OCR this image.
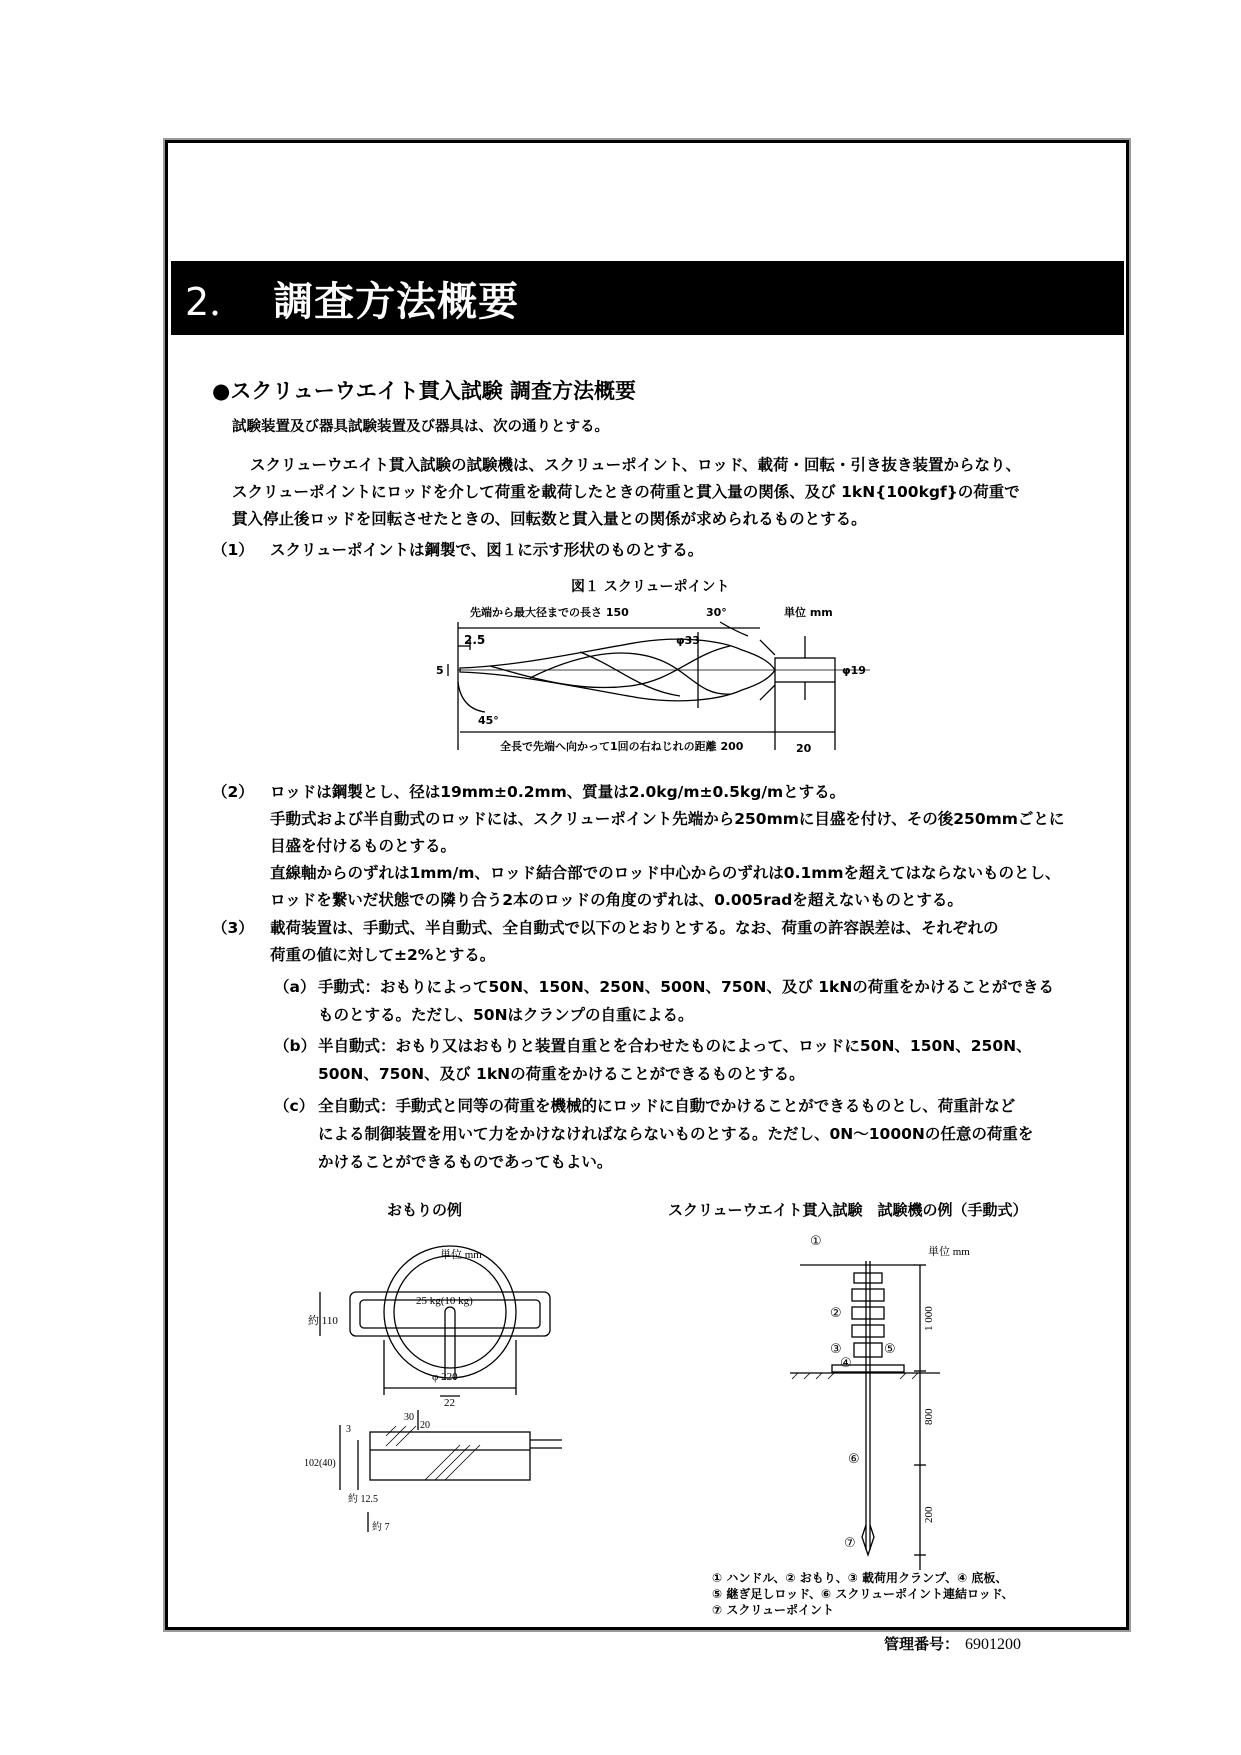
2． 調査方法概要
●スクリューウエイト貫入試験 調査方法概要
試験装置及び器具試験装置及び器具は、次の通りとする。
スクリューウエイト貫入試験の試験機は、スクリューポイント、ロッド、載荷・回転・引き抜き装置からなり、
スクリューポイントにロッドを介して荷重を載荷したときの荷重と貫入量の関係、及び 1kN{100kgf}の荷重で
貫入停止後ロッドを回転させたときの、回転数と貫入量との関係が求められるものとする。
（1） スクリューポイントは鋼製で、図１に示す形状のものとする。
図１ スクリューポイント
先端から最大径までの長さ 150	30°	単位 mm
2.5	φ33
5	φ19
45°
全長で先端へ向かって1回の右ねじれの距離 200	20
（2） ロッドは鋼製とし、径は19mm±0.2mm、質量は2.0kg/m±0.5kg/mとする。
手動式および半自動式のロッドには、スクリューポイント先端から250mmに目盛を付け、その後250mmごとに
目盛を付けるものとする。
直線軸からのずれは1mm/m、ロッド結合部でのロッド中心からのずれは0.1mmを超えてはならないものとし、
ロッドを繋いだ状態での隣り合う2本のロッドの角度のずれは、0.005radを超えないものとする。
（3） 載荷装置は、手動式、半自動式、全自動式で以下のとおりとする。なお、荷重の許容誤差は、それぞれの
荷重の値に対して±2%とする。
（a） 手動式：おもりによって50N、150N、250N、500N、750N、及び 1kNの荷重をかけることができる
ものとする。ただし、50Nはクランプの自重による。
（b） 半自動式：おもり又はおもりと装置自重とを合わせたものによって、ロッドに50N、150N、250N、
500N、750N、及び 1kNの荷重をかけることができるものとする。
（c） 全自動式：手動式と同等の荷重を機械的にロッドに自動でかけることができるものとし、荷重計など
による制御装置を用いて力をかけなければならないものとする。ただし、0N～1000Nの任意の荷重を
かけることができるものであってもよい。
おもりの例	スクリューウエイト貫入試験　試験機の例（手動式）
単位 mm
25 kg(10 kg)
約 110
φ 220
22
3
30
20
102(40)
約 12.5
約 7
①
②
③
④
⑤
⑥
⑦
単位 mm
1 000
800
200
① ハンドル、② おもり、③ 載荷用クランプ、④ 底板、
⑤ 継ぎ足しロッド、⑥ スクリューポイント連結ロッド、
⑦ スクリューポイント
管理番号： 6901200
